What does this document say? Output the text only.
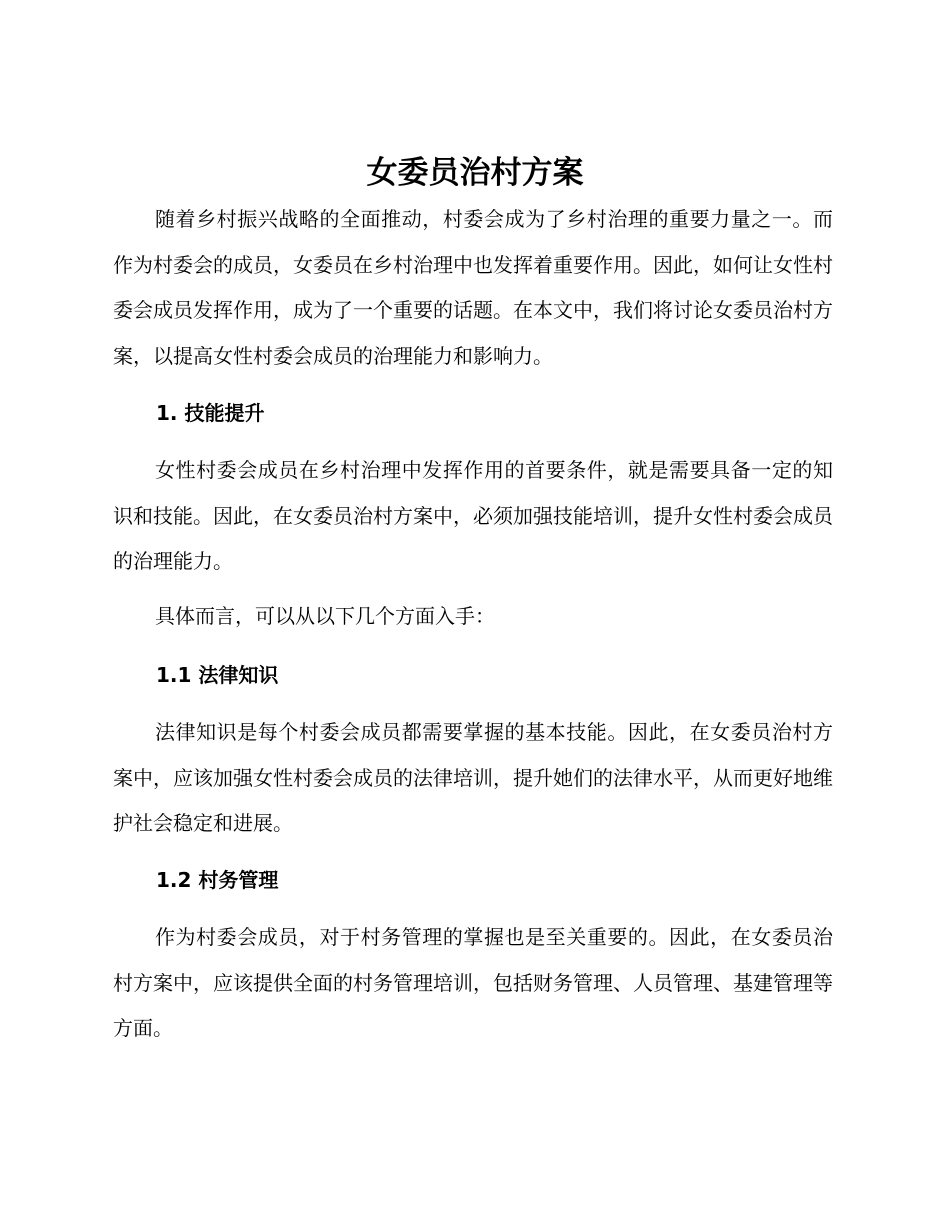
女委员治村方案

随着乡村振兴战略的全面推动，村委会成为了乡村治理的重要力量之一。而作为村委会的成员，女委员在乡村治理中也发挥着重要作用。因此，如何让女性村委会成员发挥作用，成为了一个重要的话题。在本文中，我们将讨论女委员治村方案，以提高女性村委会成员的治理能力和影响力。

1. 技能提升

女性村委会成员在乡村治理中发挥作用的首要条件，就是需要具备一定的知识和技能。因此，在女委员治村方案中，必须加强技能培训，提升女性村委会成员的治理能力。

具体而言，可以从以下几个方面入手：

1.1 法律知识

法律知识是每个村委会成员都需要掌握的基本技能。因此，在女委员治村方案中，应该加强女性村委会成员的法律培训，提升她们的法律水平，从而更好地维护社会稳定和进展。

1.2 村务管理

作为村委会成员，对于村务管理的掌握也是至关重要的。因此，在女委员治村方案中，应该提供全面的村务管理培训，包括财务管理、人员管理、基建管理等方面。
